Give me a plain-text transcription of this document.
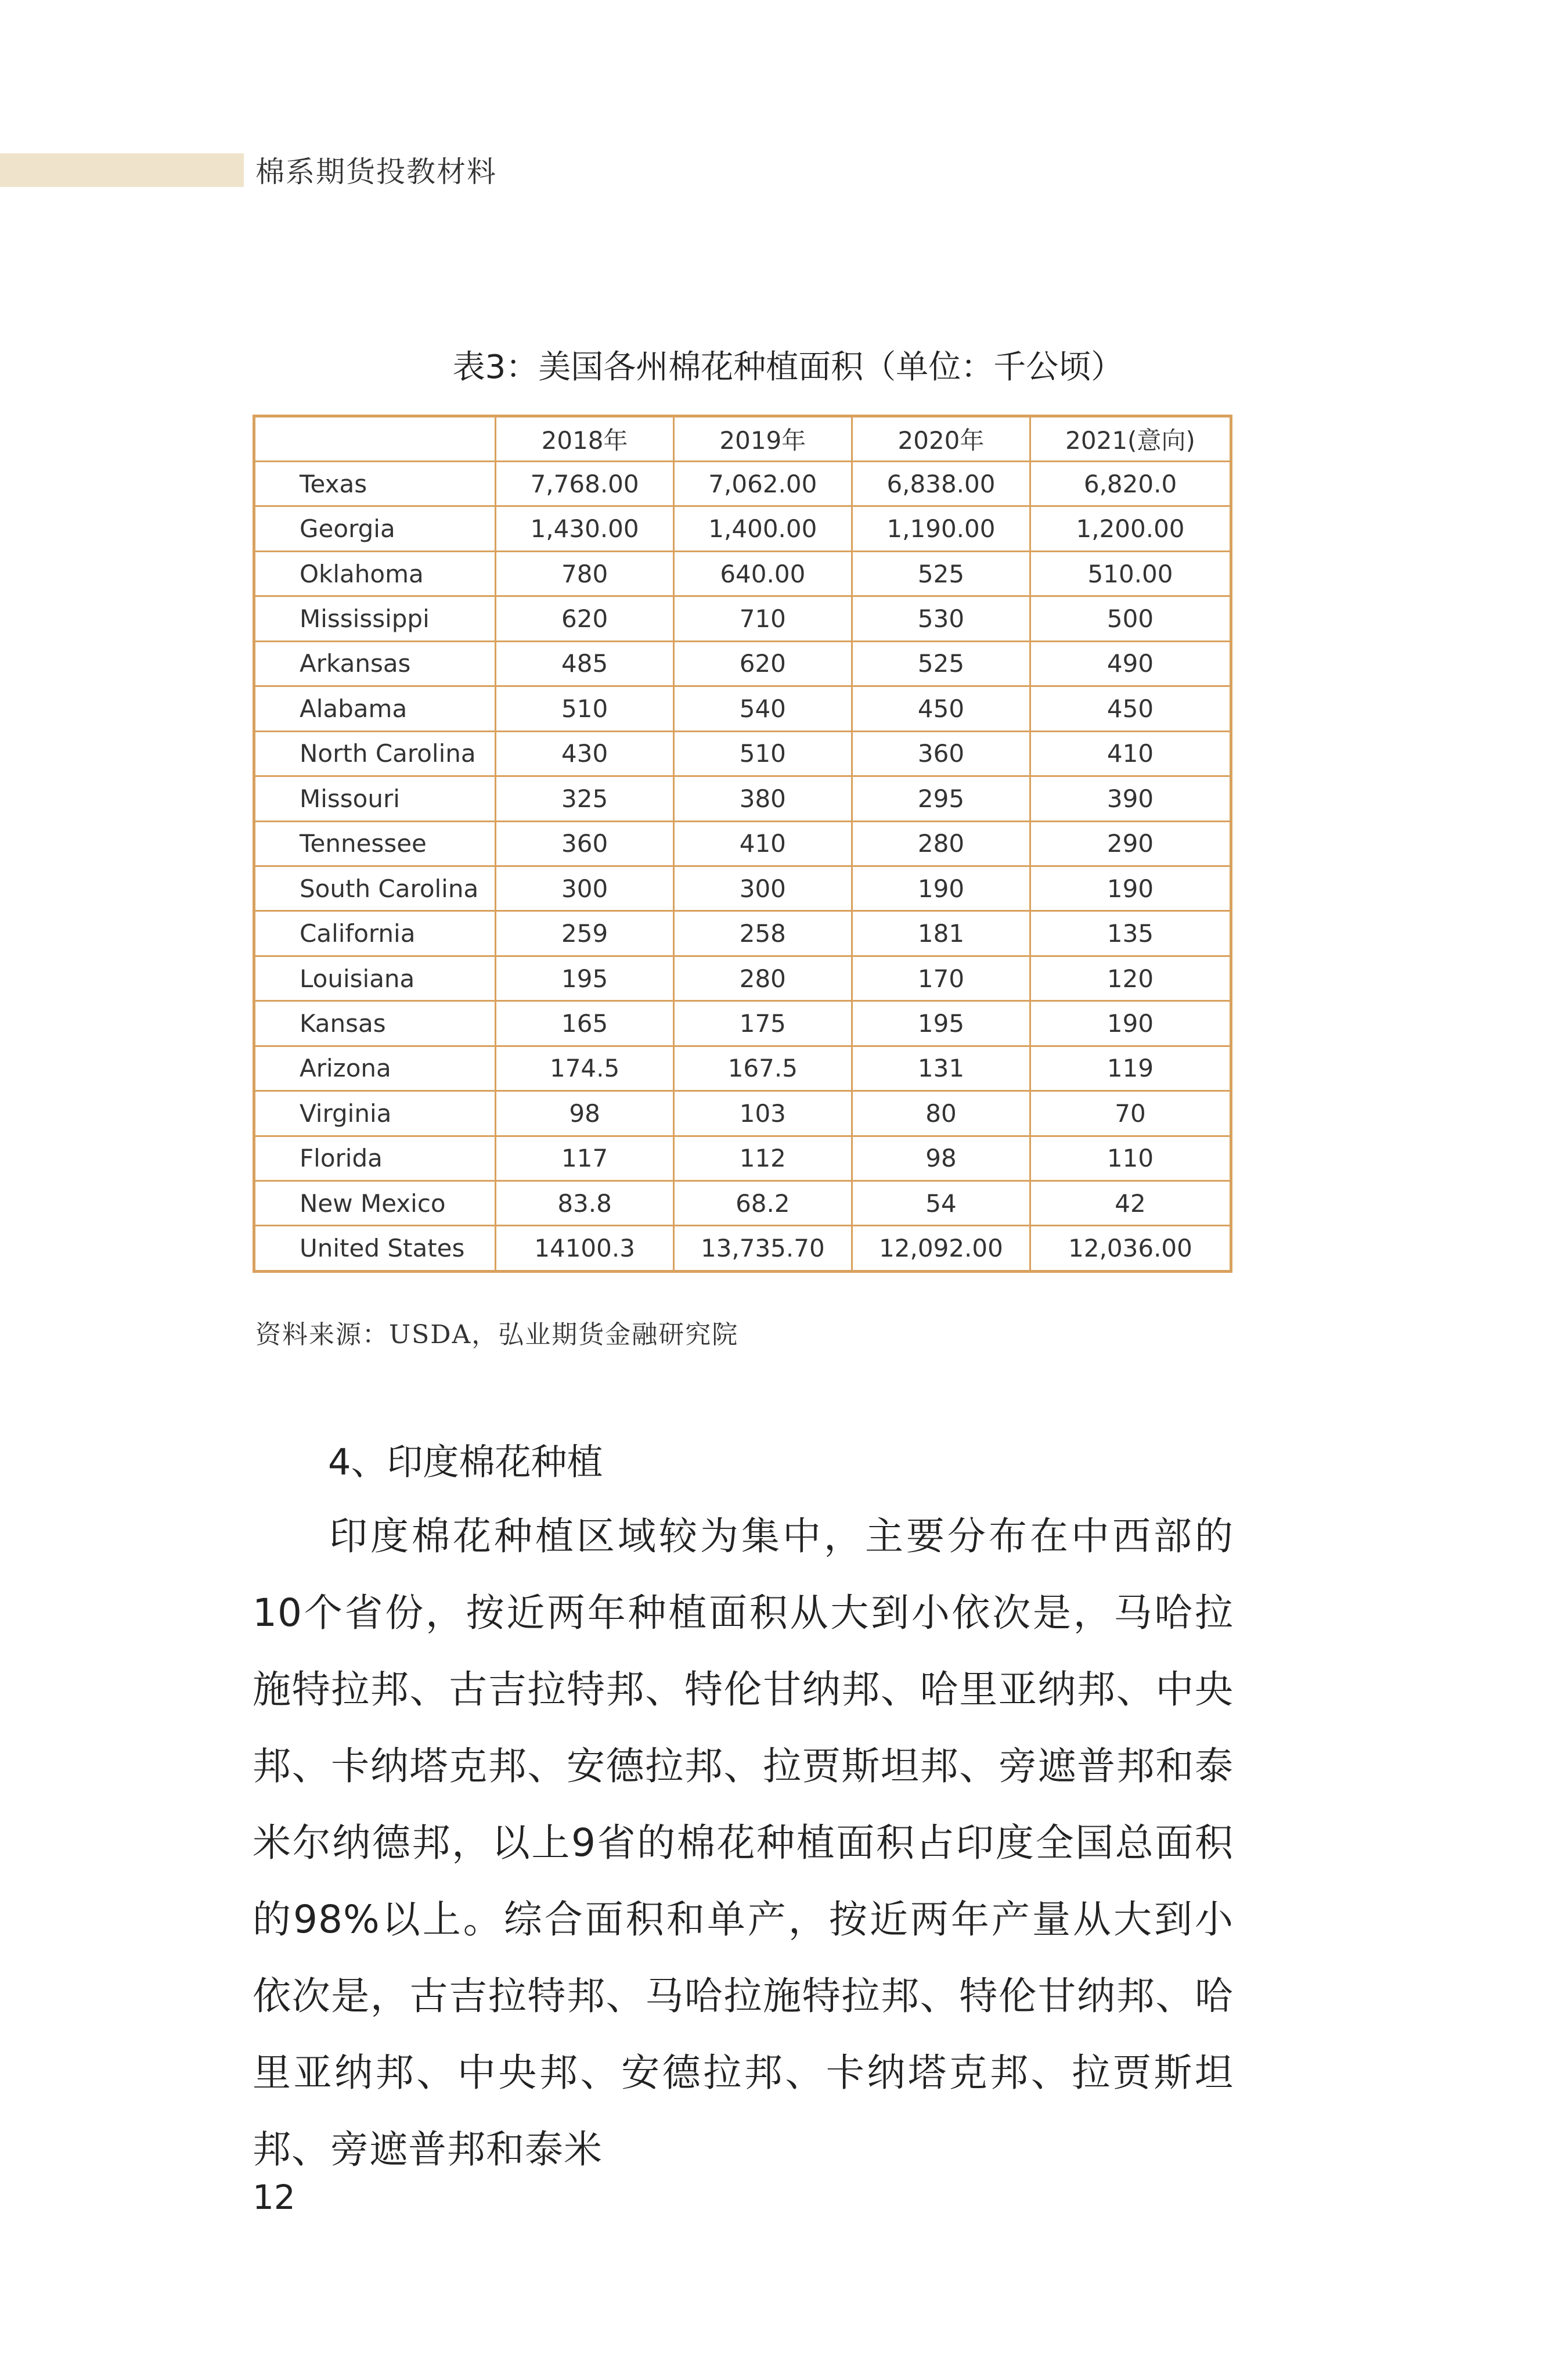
棉系期货投教材料
表3：美国各州棉花种植面积（单位：千公顷）
	2018年	2019年	2020年	2021(意向)
Texas	7,768.00	7,062.00	6,838.00	6,820.0
Georgia	1,430.00	1,400.00	1,190.00	1,200.00
Oklahoma	780	640.00	525	510.00
Mississippi	620	710	530	500
Arkansas	485	620	525	490
Alabama	510	540	450	450
North Carolina	430	510	360	410
Missouri	325	380	295	390
Tennessee	360	410	280	290
South Carolina	300	300	190	190
California	259	258	181	135
Louisiana	195	280	170	120
Kansas	165	175	195	190
Arizona	174.5	167.5	131	119
Virginia	98	103	80	70
Florida	117	112	98	110
New Mexico	83.8	68.2	54	42
United States	14100.3	13,735.70	12,092.00	12,036.00
资料来源：USDA，弘业期货金融研究院
4、印度棉花种植

印度棉花种植区域较为集中，主要分布在中西部的10个省份，按近两年种植面积从大到小依次是，马哈拉施特拉邦、古吉拉特邦、特伦甘纳邦、哈里亚纳邦、中央邦、卡纳塔克邦、安德拉邦、拉贾斯坦邦、旁遮普邦和泰米尔纳德邦，以上9省的棉花种植面积占印度全国总面积的98%以上。综合面积和单产，按近两年产量从大到小依次是，古吉拉特邦、马哈拉施特拉邦、特伦甘纳邦、哈里亚纳邦、中央邦、安德拉邦、卡纳塔克邦、拉贾斯坦邦、旁遮普邦和泰米

12
